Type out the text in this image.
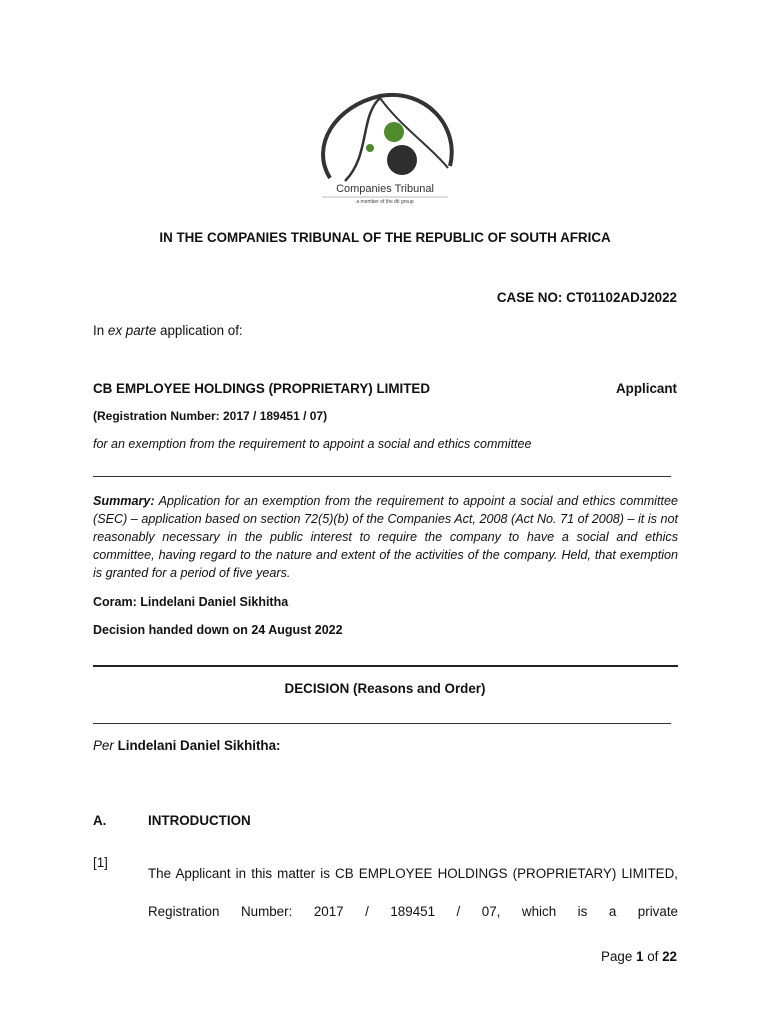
Companies Tribunal
a member of the dti group
IN THE COMPANIES TRIBUNAL OF THE REPUBLIC OF SOUTH AFRICA
CASE NO: CT01102ADJ2022
In ex parte application of:
CB EMPLOYEE HOLDINGS (PROPRIETARY) LIMITED	Applicant
(Registration Number: 2017 / 189451 / 07)
for an exemption from the requirement to appoint a social and ethics committee
Summary: Application for an exemption from the requirement to appoint a social and ethics committee (SEC) – application based on section 72(5)(b) of the Companies Act, 2008 (Act No. 71 of 2008) – it is not reasonably necessary in the public interest to require the company to have a social and ethics committee, having regard to the nature and extent of the activities of the company. Held, that exemption is granted for a period of five years.
Coram: Lindelani Daniel Sikhitha
Decision handed down on 24 August 2022
DECISION (Reasons and Order)
Per Lindelani Daniel Sikhitha:
A.	INTRODUCTION
[1]
The Applicant in this matter is CB EMPLOYEE HOLDINGS (PROPRIETARY) LIMITED, Registration Number: 2017 / 189451 / 07, which is a private
Page 1 of 22
